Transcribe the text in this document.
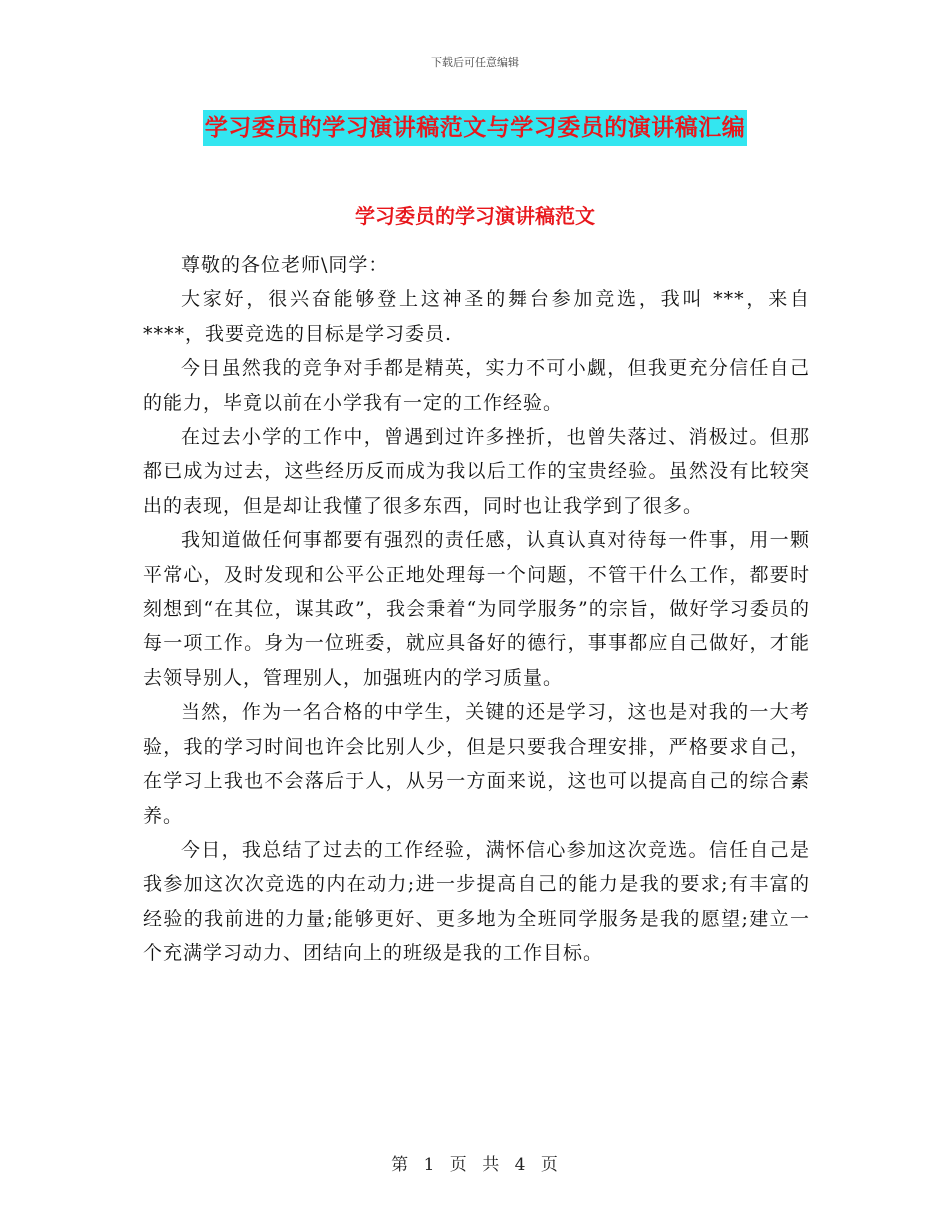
下载后可任意编辑
学习委员的学习演讲稿范文与学习委员的演讲稿汇编
学习委员的学习演讲稿范文

尊敬的各位老师\同学：

大家好，很兴奋能够登上这神圣的舞台参加竞选，我叫 ***，来自****，我要竞选的目标是学习委员.

今日虽然我的竞争对手都是精英，实力不可小觑，但我更充分信任自己的能力，毕竟以前在小学我有一定的工作经验。

在过去小学的工作中，曾遇到过许多挫折，也曾失落过、消极过。但那都已成为过去，这些经历反而成为我以后工作的宝贵经验。虽然没有比较突出的表现，但是却让我懂了很多东西，同时也让我学到了很多。

我知道做任何事都要有强烈的责任感，认真认真对待每一件事，用一颗平常心，及时发现和公平公正地处理每一个问题，不管干什么工作，都要时刻想到“在其位，谋其政”，我会秉着“为同学服务”的宗旨，做好学习委员的每一项工作。身为一位班委，就应具备好的德行，事事都应自己做好，才能去领导别人，管理别人，加强班内的学习质量。

当然，作为一名合格的中学生，关键的还是学习，这也是对我的一大考验，我的学习时间也许会比别人少，但是只要我合理安排，严格要求自己，在学习上我也不会落后于人，从另一方面来说，这也可以提高自己的综合素养。

今日，我总结了过去的工作经验，满怀信心参加这次竞选。信任自己是我参加这次次竞选的内在动力;进一步提高自己的能力是我的要求;有丰富的经验的我前进的力量;能够更好、更多地为全班同学服务是我的愿望;建立一个充满学习动力、团结向上的班级是我的工作目标。

第 1 页 共 4 页
